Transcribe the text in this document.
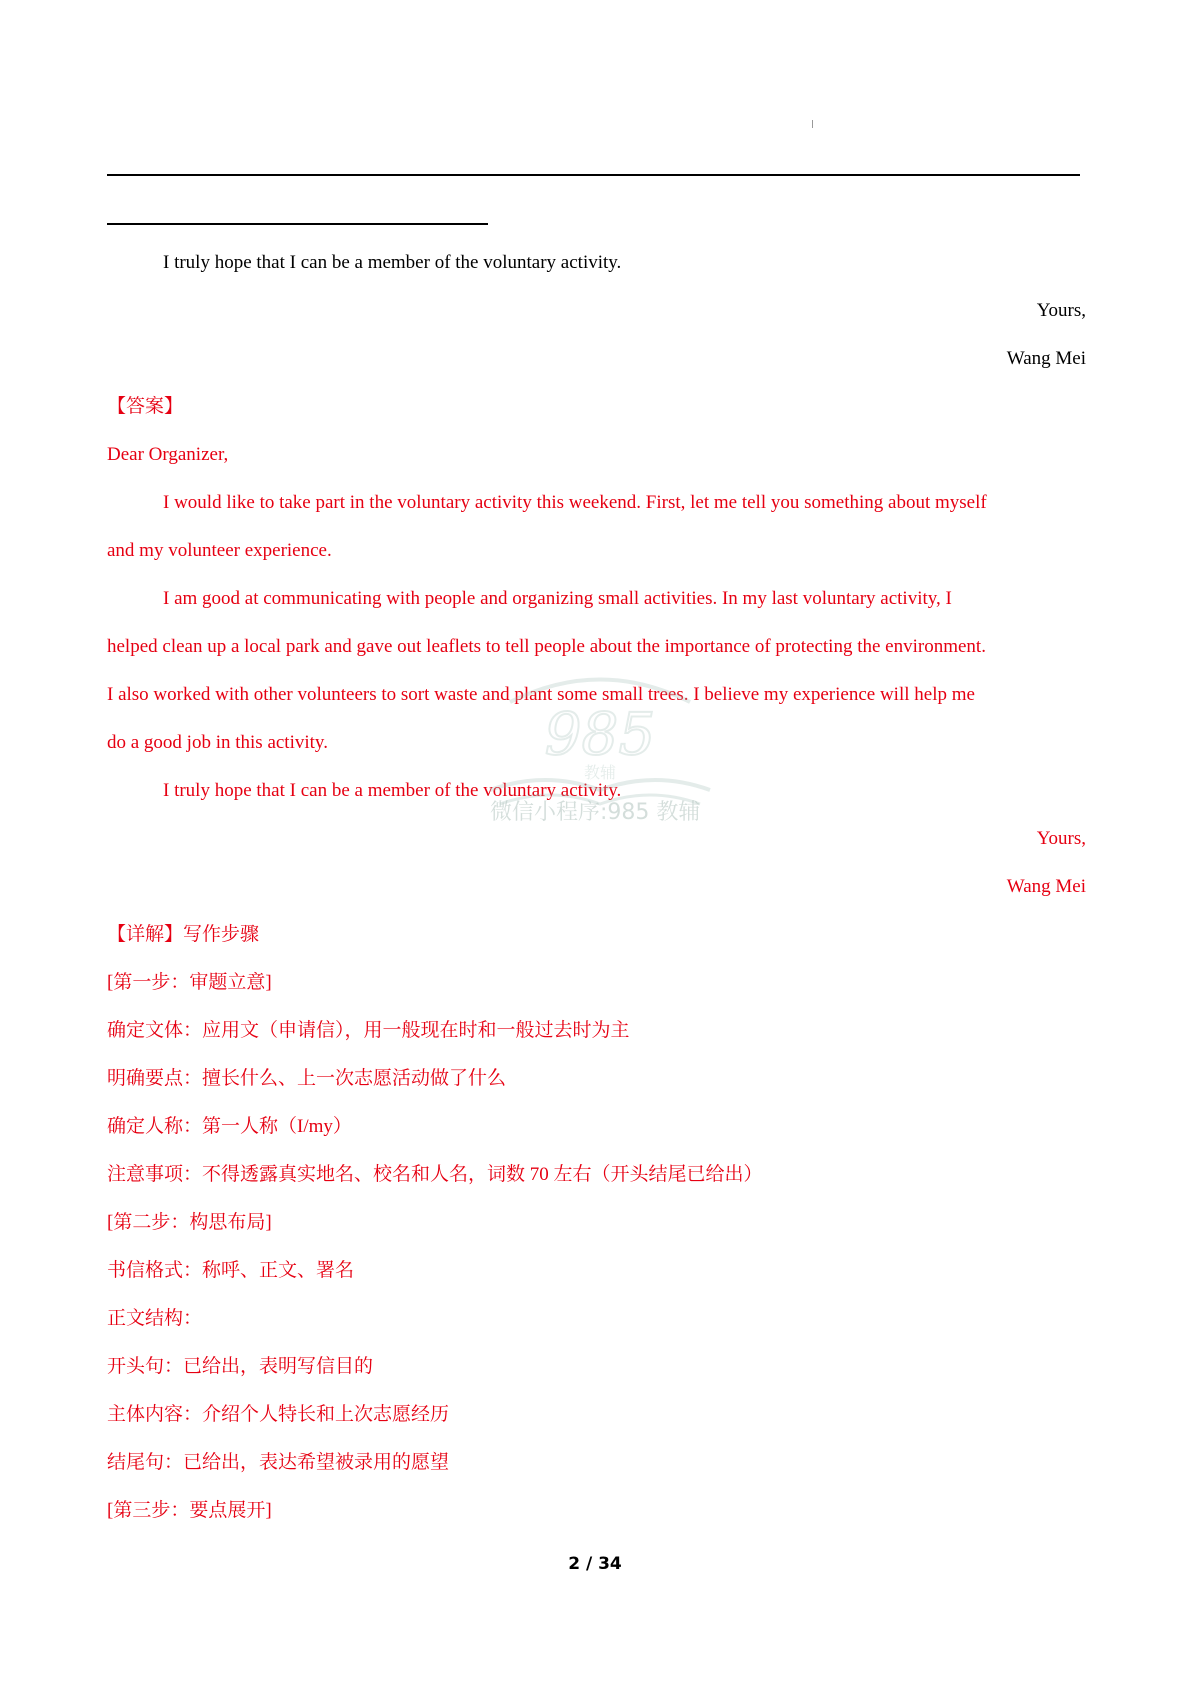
I truly hope that I can be a member of the voluntary activity.
Yours,
Wang Mei
【答案】
Dear Organizer,
I would like to take part in the voluntary activity this weekend. First, let me tell you something about myself
and my volunteer experience.
I am good at communicating with people and organizing small activities. In my last voluntary activity, I
helped clean up a local park and gave out leaflets to tell people about the importance of protecting the environment.
I also worked with other volunteers to sort waste and plant some small trees. I believe my experience will help me
do a good job in this activity.
I truly hope that I can be a member of the voluntary activity.
Yours,
Wang Mei
【详解】写作步骤
[第一步：审题立意]
确定文体：应用文（申请信），用一般现在时和一般过去时为主
明确要点：擅长什么、上一次志愿活动做了什么
确定人称：第一人称（I/my）
注意事项：不得透露真实地名、校名和人名，词数 70 左右（开头结尾已给出）
[第二步：构思布局]
书信格式：称呼、正文、署名
正文结构：
开头句：已给出，表明写信目的
主体内容：介绍个人特长和上次志愿经历
结尾句：已给出，表达希望被录用的愿望
[第三步：要点展开]
985
教辅
微信小程序:985 教辅
2 / 34
